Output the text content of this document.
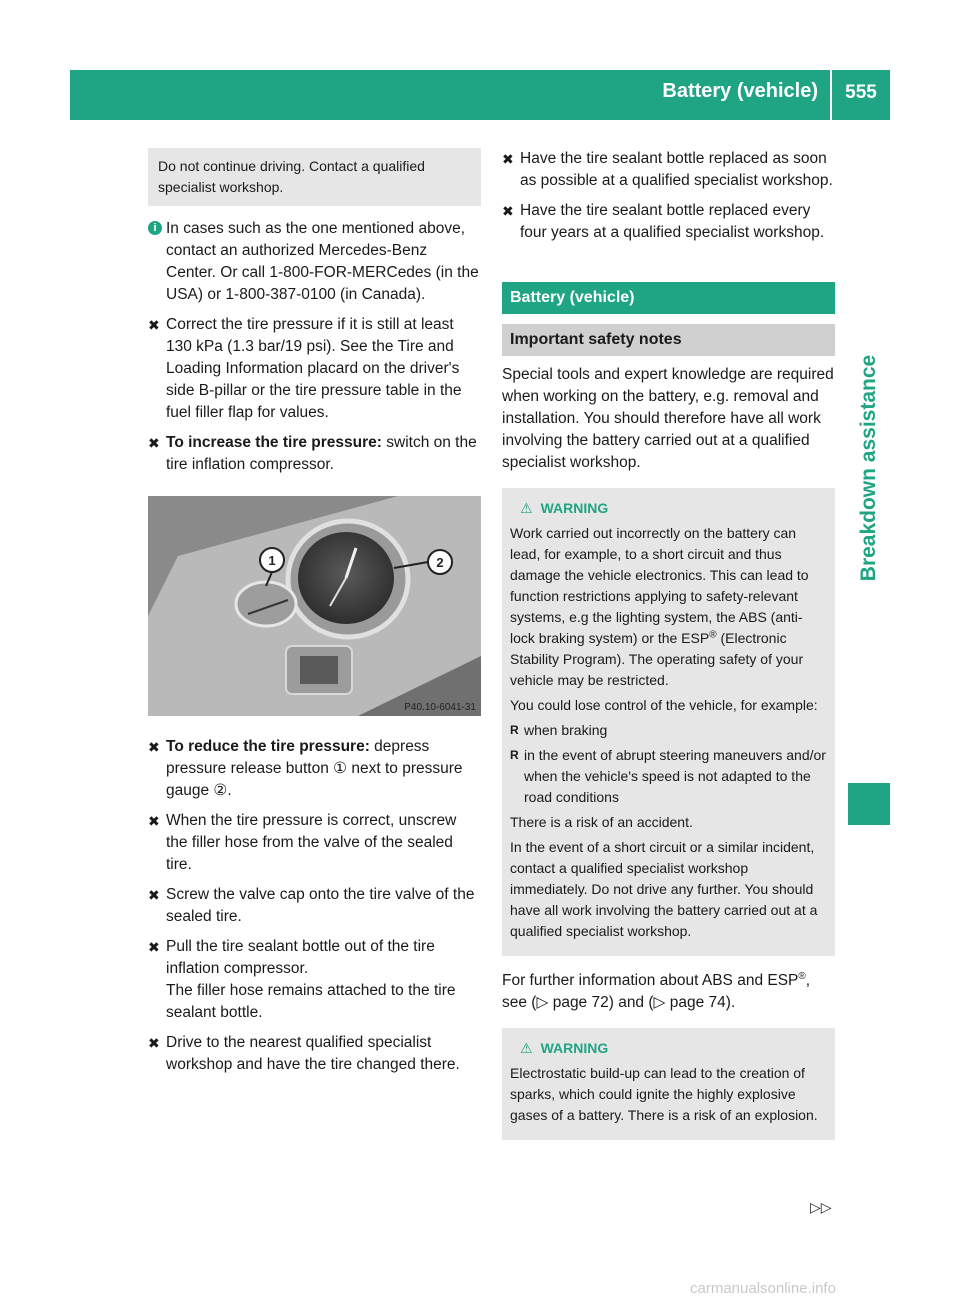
Battery (vehicle)	555
Breakdown assistance
Do not continue driving. Contact a qualified specialist workshop.
i In cases such as the one mentioned above, contact an authorized Mercedes-Benz Center. Or call 1-800-FOR-MERCedes (in the USA) or 1-800-387-0100 (in Canada).
✖ Correct the tire pressure if it is still at least 130 kPa (1.3 bar/19 psi). See the Tire and Loading Information placard on the driver's side B-pillar or the tire pressure table in the fuel filler flap for values.
✖ To increase the tire pressure: switch on the tire inflation compressor.
1	2
P40.10-6041-31
✖ To reduce the tire pressure: depress pressure release button ① next to pressure gauge ②.
✖ When the tire pressure is correct, unscrew the filler hose from the valve of the sealed tire.
✖ Screw the valve cap onto the tire valve of the sealed tire.
✖ Pull the tire sealant bottle out of the tire inflation compressor.

The filler hose remains attached to the tire sealant bottle.

✖ Drive to the nearest qualified specialist workshop and have the tire changed there.
✖ Have the tire sealant bottle replaced as soon as possible at a qualified specialist workshop.
✖ Have the tire sealant bottle replaced every four years at a qualified specialist workshop.
Battery (vehicle)
Important safety notes

Special tools and expert knowledge are required when working on the battery, e.g. removal and installation. You should therefore have all work involving the battery carried out at a qualified specialist workshop.

⚠ WARNING

Work carried out incorrectly on the battery can lead, for example, to a short circuit and thus damage the vehicle electronics. This can lead to function restrictions applying to safety-relevant systems, e.g the lighting system, the ABS (anti-lock braking system) or the ESP® (Electronic Stability Program). The operating safety of your vehicle may be restricted.

You could lose control of the vehicle, for example:

R when braking
R in the event of abrupt steering maneuvers and/or when the vehicle's speed is not adapted to the road conditions

There is a risk of an accident.

In the event of a short circuit or a similar incident, contact a qualified specialist workshop immediately. Do not drive any further. You should have all work involving the battery carried out at a qualified specialist workshop.

For further information about ABS and ESP®, see (▷ page 72) and (▷ page 74).

⚠ WARNING

Electrostatic build-up can lead to the creation of sparks, which could ignite the highly explosive gases of a battery. There is a risk of an explosion.

▷▷
carmanualsonline.info
